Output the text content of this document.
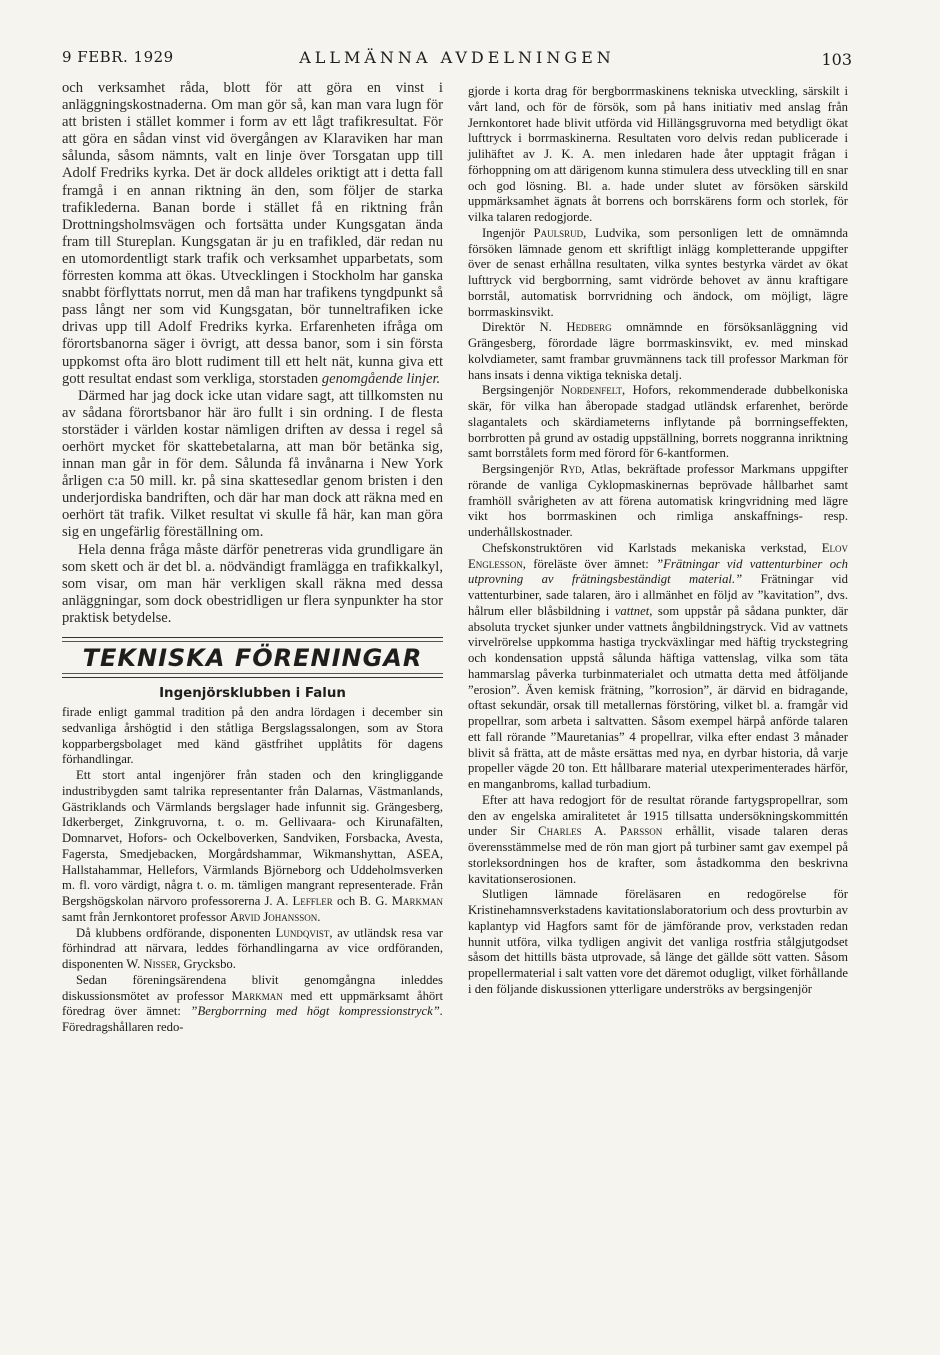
9 FEBR. 1929	ALLMÄNNA AVDELNINGEN	103

och verksamhet råda, blott för att göra en vinst i anläggningskostnaderna. Om man gör så, kan man vara lugn för att bristen i stället kommer i form av ett lågt trafikresultat. För att göra en sådan vinst vid övergången av Klaraviken har man sålunda, såsom nämnts, valt en linje över Torsgatan upp till Adolf Fredriks kyrka. Det är dock alldeles oriktigt att i detta fall framgå i en annan riktning än den, som följer de starka trafiklederna. Banan borde i stället få en riktning från Drottningsholmsvägen och fortsätta under Kungsgatan ända fram till Stureplan. Kungsgatan är ju en trafikled, där redan nu en utomordentligt stark trafik och verksamhet upparbetats, som förresten komma att ökas. Utvecklingen i Stockholm har ganska snabbt förflyttats norrut, men då man har trafikens tyngdpunkt så pass långt ner som vid Kungsgatan, bör tunneltrafiken icke drivas upp till Adolf Fredriks kyrka. Erfarenheten ifråga om förortsbanorna säger i övrigt, att dessa banor, som i sin första uppkomst ofta äro blott rudiment till ett helt nät, kunna giva ett gott resultat endast som verkliga, storstaden genomgående linjer.

Därmed har jag dock icke utan vidare sagt, att tillkomsten nu av sådana förortsbanor här äro fullt i sin ordning. I de flesta storstäder i världen kostar nämligen driften av dessa i regel så oerhört mycket för skattebetalarna, att man bör betänka sig, innan man går in för dem. Sålunda få invånarna i New York årligen c:a 50 mill. kr. på sina skattesedlar genom bristen i den underjordiska bandriften, och där har man dock att räkna med en oerhört tät trafik. Vilket resultat vi skulle få här, kan man göra sig en ungefärlig föreställning om.

Hela denna fråga måste därför penetreras vida grundligare än som skett och är det bl. a. nödvändigt framlägga en trafikkalkyl, som visar, om man här verkligen skall räkna med dessa anläggningar, som dock obestridligen ur flera synpunkter ha stor praktisk betydelse.

TEKNISKA FÖRENINGAR
Ingenjörsklubben i Falun

firade enligt gammal tradition på den andra lördagen i december sin sedvanliga årshögtid i den ståtliga Bergslagssalongen, som av Stora kopparbergsbolaget med känd gästfrihet upplåtits för dagens förhandlingar.

Ett stort antal ingenjörer från staden och den kringliggande industribygden samt talrika representanter från Dalarnas, Västmanlands, Gästriklands och Värmlands bergslager hade infunnit sig. Grängesberg, Idkerberget, Zinkgruvorna, t. o. m. Gellivaara- och Kirunafälten, Domnarvet, Hofors- och Ockelboverken, Sandviken, Forsbacka, Avesta, Fagersta, Smedjebacken, Morgårdshammar, Wikmanshyttan, ASEA, Hallstahammar, Hellefors, Värmlands Björneborg och Uddeholmsverken m. fl. voro värdigt, några t. o. m. tämligen mangrant representerade. Från Bergshögskolan närvoro professorerna J. A. Leffler och B. G. Markman samt från Jernkontoret professor Arvid Johansson.

Då klubbens ordförande, disponenten Lundqvist, av utländsk resa var förhindrad att närvara, leddes förhandlingarna av vice ordföranden, disponenten W. Nisser, Grycksbo.

Sedan föreningsärendena blivit genomgångna inleddes diskussionsmötet av professor Markman med ett uppmärksamt åhört föredrag över ämnet: ”Bergborrning med högt kompressionstryck”. Föredragshållaren redo-

gjorde i korta drag för bergborrmaskinens tekniska utveckling, särskilt i vårt land, och för de försök, som på hans initiativ med anslag från Jernkontoret hade blivit utförda vid Hillängsgruvorna med betydligt ökat lufttryck i borrmaskinerna. Resultaten voro delvis redan publicerade i julihäftet av J. K. A. men inledaren hade åter upptagit frågan i förhoppning om att därigenom kunna stimulera dess utveckling till en snar och god lösning. Bl. a. hade under slutet av försöken särskild uppmärksamhet ägnats åt borrens och borrskärens form och storlek, för vilka talaren redogjorde.

Ingenjör Paulsrud, Ludvika, som personligen lett de omnämnda försöken lämnade genom ett skriftligt inlägg kompletterande uppgifter över de senast erhållna resultaten, vilka syntes bestyrka värdet av ökat lufttryck vid bergborrning, samt vidrörde behovet av ännu kraftigare borrstål, automatisk borrvridning och ändock, om möjligt, lägre borrmaskinsvikt.

Direktör N. Hedberg omnämnde en försöksanläggning vid Grängesberg, förordade lägre borrmaskinsvikt, ev. med minskad kolvdiameter, samt frambar gruvmännens tack till professor Markman för hans insats i denna viktiga tekniska detalj.

Bergsingenjör Nordenfelt, Hofors, rekommenderade dubbelkoniska skär, för vilka han åberopade stadgad utländsk erfarenhet, berörde slagantalets och skärdiameterns inflytande på borrningseffekten, borrbrotten på grund av ostadig uppställning, borrets noggranna inriktning samt borrstålets form med förord för 6-kantformen.

Bergsingenjör Ryd, Atlas, bekräftade professor Markmans uppgifter rörande de vanliga Cyklopmaskinernas beprövade hållbarhet samt framhöll svårigheten av att förena automatisk kringvridning med lägre vikt hos borrmaskinen och rimliga anskaffnings- resp. underhållskostnader.

Chefskonstruktören vid Karlstads mekaniska verkstad, Elov Englesson, föreläste över ämnet: ”Frätningar vid vattenturbiner och utprovning av frätningsbeständigt material.” Frätningar vid vattenturbiner, sade talaren, äro i allmänhet en följd av ”kavitation”, dvs. hålrum eller blåsbildning i vattnet, som uppstår på sådana punkter, där absoluta trycket sjunker under vattnets ångbildningstryck. Vid av vattnets virvelrörelse uppkomma hastiga tryckväxlingar med häftig tryckstegring och kondensation uppstå sålunda häftiga vattenslag, vilka som täta hammarslag påverka turbinmaterialet och utmatta detta med åtföljande ”erosion”. Även kemisk frätning, ”korrosion”, är därvid en bidragande, oftast sekundär, orsak till metallernas förstöring, vilket bl. a. framgår vid propellrar, som arbeta i saltvatten. Såsom exempel härpå anförde talaren ett fall rörande ”Mauretanias” 4 propellrar, vilka efter endast 3 månader blivit så frätta, att de måste ersättas med nya, en dyrbar historia, då varje propeller vägde 20 ton. Ett hållbarare material utexperimenterades härför, en manganbroms, kallad turbadium.

Efter att hava redogjort för de resultat rörande fartygspropellrar, som den av engelska amiralitetet år 1915 tillsatta undersökningskommittén under Sir Charles A. Parsson erhållit, visade talaren deras överensstämmelse med de rön man gjort på turbiner samt gav exempel på storleksordningen hos de krafter, som åstadkomma den beskrivna kavitationserosionen.

Slutligen lämnade föreläsaren en redogörelse för Kristinehamnsverkstadens kavitationslaboratorium och dess provturbin av kaplantyp vid Hagfors samt för de jämförande prov, verkstaden redan hunnit utföra, vilka tydligen angivit det vanliga rostfria stålgjutgodset såsom det hittills bästa utprovade, så länge det gällde sött vatten. Såsom propellermaterial i salt vatten vore det däremot odugligt, vilket förhållande i den följande diskussionen ytterligare underströks av bergsingenjör
